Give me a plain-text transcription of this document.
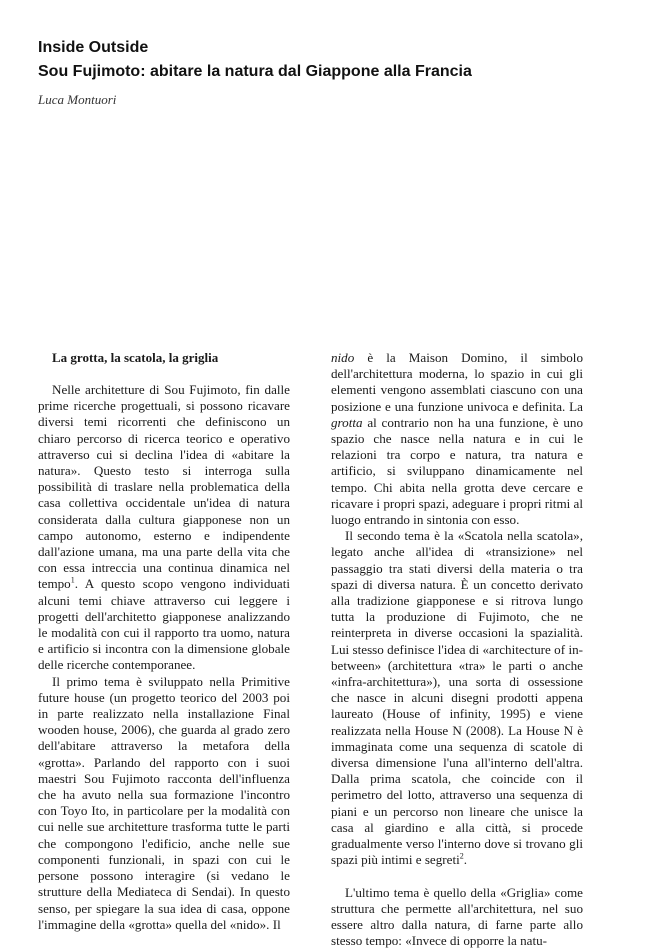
Inside Outside

Sou Fujimoto: abitare la natura dal Giappone alla Francia

Luca Montuori

La grotta, la scatola, la griglia

Nelle architetture di Sou Fujimoto, fin dalle prime ricerche progettuali, si possono ricavare diversi temi ricorrenti che definiscono un chiaro percorso di ricerca teorico e operativo attraverso cui si declina l'idea di «abitare la natura». Questo testo si interroga sulla possibilità di traslare nella problematica della casa collettiva occidentale un'idea di natura considerata dalla cultura giapponese non un campo autonomo, esterno e indipendente dall'azione umana, ma una parte della vita che con essa intreccia una continua dinamica nel tempo$^1$. A questo scopo vengono individuati alcuni temi chiave attraverso cui leggere i progetti dell'architetto giapponese analizzando le modalità con cui il rapporto tra uomo, natura e artificio si incontra con la dimensione globale delle ricerche contemporanee.

Il primo tema è sviluppato nella Primitive future house (un progetto teorico del 2003 poi in parte realizzato nella installazione Final wooden house, 2006), che guarda al grado zero dell'abitare attraverso la metafora della «grotta». Parlando del rapporto con i suoi maestri Sou Fujimoto racconta dell'influenza che ha avuto nella sua formazione l'incontro con Toyo Ito, in particolare per la modalità con cui nelle sue architetture trasforma tutte le parti che compongono l'edificio, anche nelle sue componenti funzionali, in spazi con cui le persone possono interagire (si vedano le strutture della Mediateca di Sendai). In questo senso, per spiegare la sua idea di casa, oppone l'immagine della «grotta» quella del «nido». Il

nido è la Maison Domino, il simbolo dell'architettura moderna, lo spazio in cui gli elementi vengono assemblati ciascuno con una posizione e una funzione univoca e definita. La grotta al contrario non ha una funzione, è uno spazio che nasce nella natura e in cui le relazioni tra corpo e natura, tra natura e artificio, si sviluppano dinamicamente nel tempo. Chi abita nella grotta deve cercare e ricavare i propri spazi, adeguare i propri ritmi al luogo entrando in sintonia con esso.

Il secondo tema è la «Scatola nella scatola», legato anche all'idea di «transizione» nel passaggio tra stati diversi della materia o tra spazi di diversa natura. È un concetto derivato alla tradizione giapponese e si ritrova lungo tutta la produzione di Fujimoto, che ne reinterpreta in diverse occasioni la spazialità. Lui stesso definisce l'idea di «architecture of in-between» (architettura «tra» le parti o anche «infra-architettura»), una sorta di ossessione che nasce in alcuni disegni prodotti appena laureato (House of infinity, 1995) e viene realizzata nella House N (2008). La House N è immaginata come una sequenza di scatole di diversa dimensione l'una all'interno dell'altra. Dalla prima scatola, che coincide con il perimetro del lotto, attraverso una sequenza di piani e un percorso non lineare che unisce la casa al giardino e alla città, si procede gradualmente verso l'interno dove si trovano gli spazi più intimi e segreti$^2$.

L'ultimo tema è quello della «Griglia» come struttura che permette all'architettura, nel suo essere altro dalla natura, di farne parte allo stesso tempo: «Invece di opporre la natu-
